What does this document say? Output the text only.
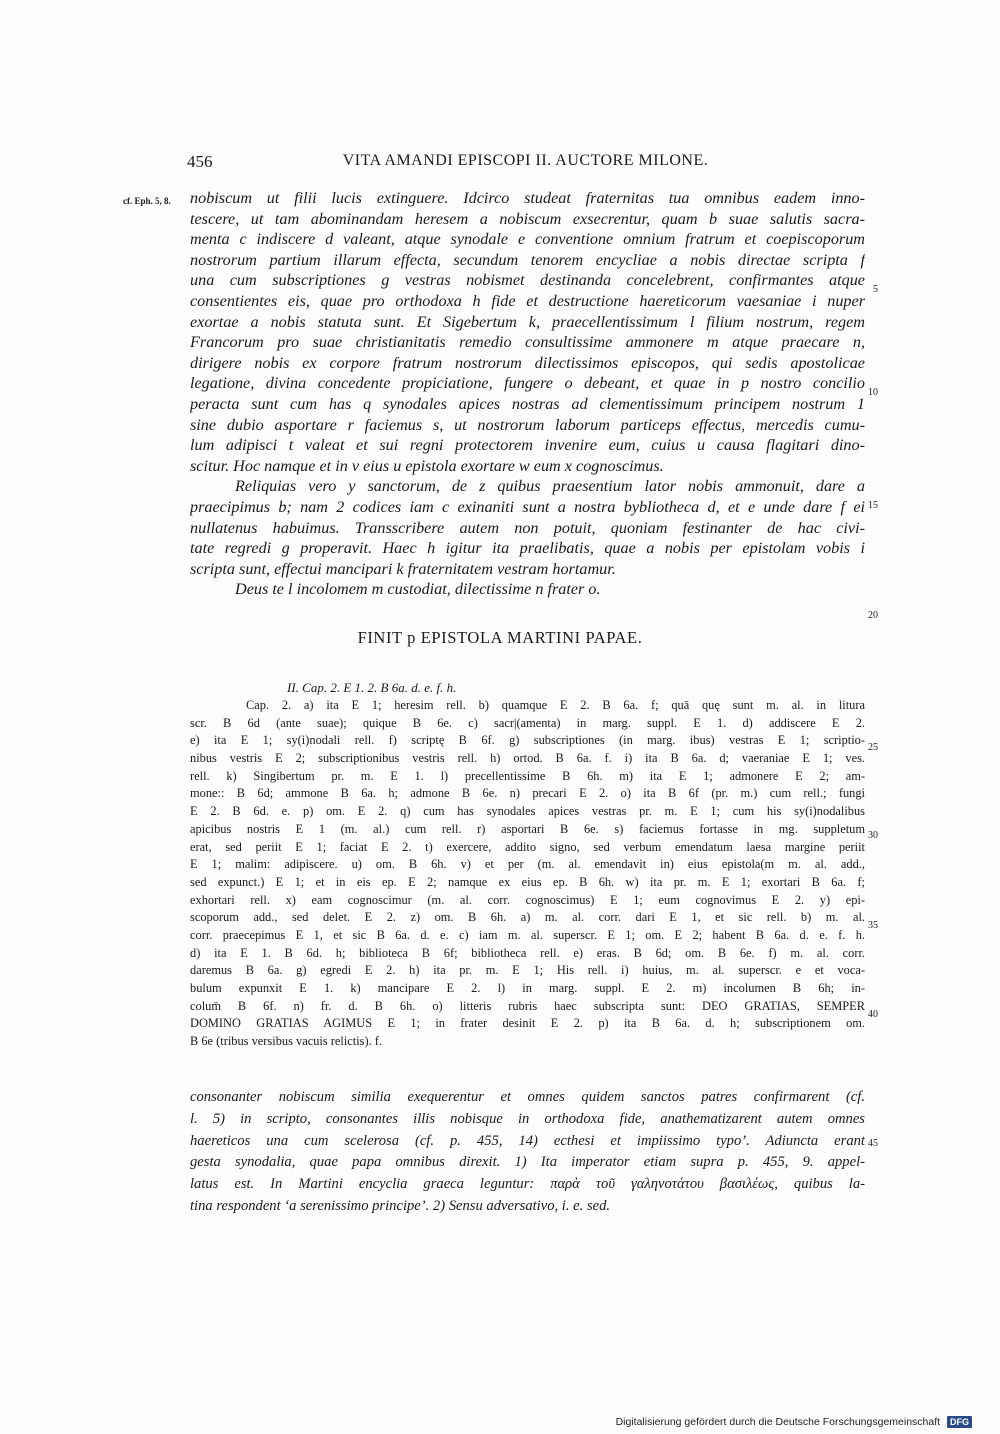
456	VITA AMANDI EPISCOPI II. AUCTORE MILONE.
cf. Eph. 5, 8. nobiscum ut filii lucis extinguere. Idcirco studeat fraternitas tua omnibus eadem inno-
tescere, ut tam abominandam heresem a nobiscum exsecrentur, quam b suae salutis sacra-
menta c indiscere d valeant, atque synodale e conventione omnium fratrum et coepiscoporum
nostrorum partium illarum effecta, secundum tenorem encycliae a nobis directae scripta f
una cum subscriptiones g vestras nobismet destinanda concelebrent, confirmantes atque
consentientes eis, quae pro orthodoxa h fide et destructione haereticorum vaesaniae i nuper
exortae a nobis statuta sunt. Et Sigebertum k, praecellentissimum l filium nostrum, regem
Francorum pro suae christianitatis remedio consultissime ammonere m atque praecare n,
dirigere nobis ex corpore fratrum nostrorum dilectissimos episcopos, qui sedis apostolicae
legatione, divina concedente propiciatione, fungere o debeant, et quae in p nostro concilio
peracta sunt cum has q synodales apices nostras ad clementissimum principem nostrum 1
sine dubio asportare r faciemus s, ut nostrorum laborum particeps effectus, mercedis cumu-
lum adipisci t valeat et sui regni protectorem invenire eum, cuius u causa flagitari dino-
scitur. Hoc namque et in v eius u epistola exortare w eum x cognoscimus.
Reliquias vero y sanctorum, de z quibus praesentium lator nobis ammonuit, dare a
praecipimus b; nam 2 codices iam c exinaniti sunt a nostra bybliotheca d, et e unde dare f ei
nullatenus habuimus. Transscribere autem non potuit, quoniam festinanter de hac civi-
tate regredi g properavit. Haec h igitur ita praelibatis, quae a nobis per epistolam vobis i
scripta sunt, effectui mancipari k fraternitatem vestram hortamur.
Deus te l incolomem m custodiat, dilectissime n frater o.
5
10
15
20
FINIT p EPISTOLA MARTINI PAPAE.
II. Cap. 2. E 1. 2. B 6a. d. e. f. h.
Cap. 2. a) ita E 1; heresim rell. b) quamque E 2. B 6a. f; quā quę sunt m. al. in litura
scr. B 6d (ante suae); quique B 6e. c) sacr|(amenta) in marg. suppl. E 1. d) addiscere E 2.
e) ita E 1; sy(i)nodali rell. f) scriptę B 6f. g) subscriptiones (in marg. ibus) vestras E 1; scriptio-
nibus vestris E 2; subscriptionibus vestris rell. h) ortod. B 6a. f. i) ita B 6a. d; vaeraniae E 1; ves.
rell. k) Singibertum pr. m. E 1. l) precellentissime B 6h. m) ita E 1; admonere E 2; am-
mone:: B 6d; ammone B 6a. h; admone B 6e. n) precari E 2. o) ita B 6f (pr. m.) cum rell.; fungi
E 2. B 6d. e. p) om. E 2. q) cum has synodales apices vestras pr. m. E 1; cum his sy(i)nodalibus
apicibus nostris E 1 (m. al.) cum rell. r) asportari B 6e. s) faciemus fortasse in mg. suppletum
erat, sed periit E 1; faciat E 2. t) exercere, addito signo, sed verbum emendatum laesa margine periit
E 1; malim: adipiscere. u) om. B 6h. v) et per (m. al. emendavit in) eius epistola(m m. al. add.,
sed expunct.) E 1; et in eis ep. E 2; namque ex eius ep. B 6h. w) ita pr. m. E 1; exortari B 6a. f;
exhortari rell. x) eam cognoscimur (m. al. corr. cognoscimus) E 1; eum cognovimus E 2. y) epi-
scoporum add., sed delet. E 2. z) om. B 6h. a) m. al. corr. dari E 1, et sic rell. b) m. al.
corr. praecepimus E 1, et sic B 6a. d. e. c) iam m. al. superscr. E 1; om. E 2; habent B 6a. d. e. f. h.
d) ita E 1. B 6d. h; biblioteca B 6f; bibliotheca rell. e) eras. B 6d; om. B 6e. f) m. al. corr.
daremus B 6a. g) egredi E 2. h) ita pr. m. E 1; His rell. i) huius, m. al. superscr. e et voca-
bulum expunxit E 1. k) mancipare E 2. l) in marg. suppl. E 2. m) incolumen B 6h; in-
colum̄ B 6f. n) fr. d. B 6h. o) litteris rubris haec subscripta sunt: DEO GRATIAS, SEMPER
DOMINO GRATIAS AGIMUS E 1; in frater desinit E 2. p) ita B 6a. d. h; subscriptionem om.
B 6e (tribus versibus vacuis relictis). f.
25
30
35
40
consonanter nobiscum similia exequerentur et omnes quidem sanctos patres confirmarent (cf.
l. 5) in scripto, consonantes illis nobisque in orthodoxa fide, anathematizarent autem omnes
haereticos una cum scelerosa (cf. p. 455, 14) ecthesi et impiissimo typo’. Adiuncta erant
gesta synodalia, quae papa omnibus direxit. 1) Ita imperator etiam supra p. 455, 9. appel-
latus est. In Martini encyclia graeca leguntur: παρὰ τοῦ γαληνοτάτου βασιλέως, quibus la-
tina respondent ‘a serenissimo principe’. 2) Sensu adversativo, i. e. sed.
45
Digitalisierung gefördert durch die Deutsche Forschungsgemeinschaft DFG
